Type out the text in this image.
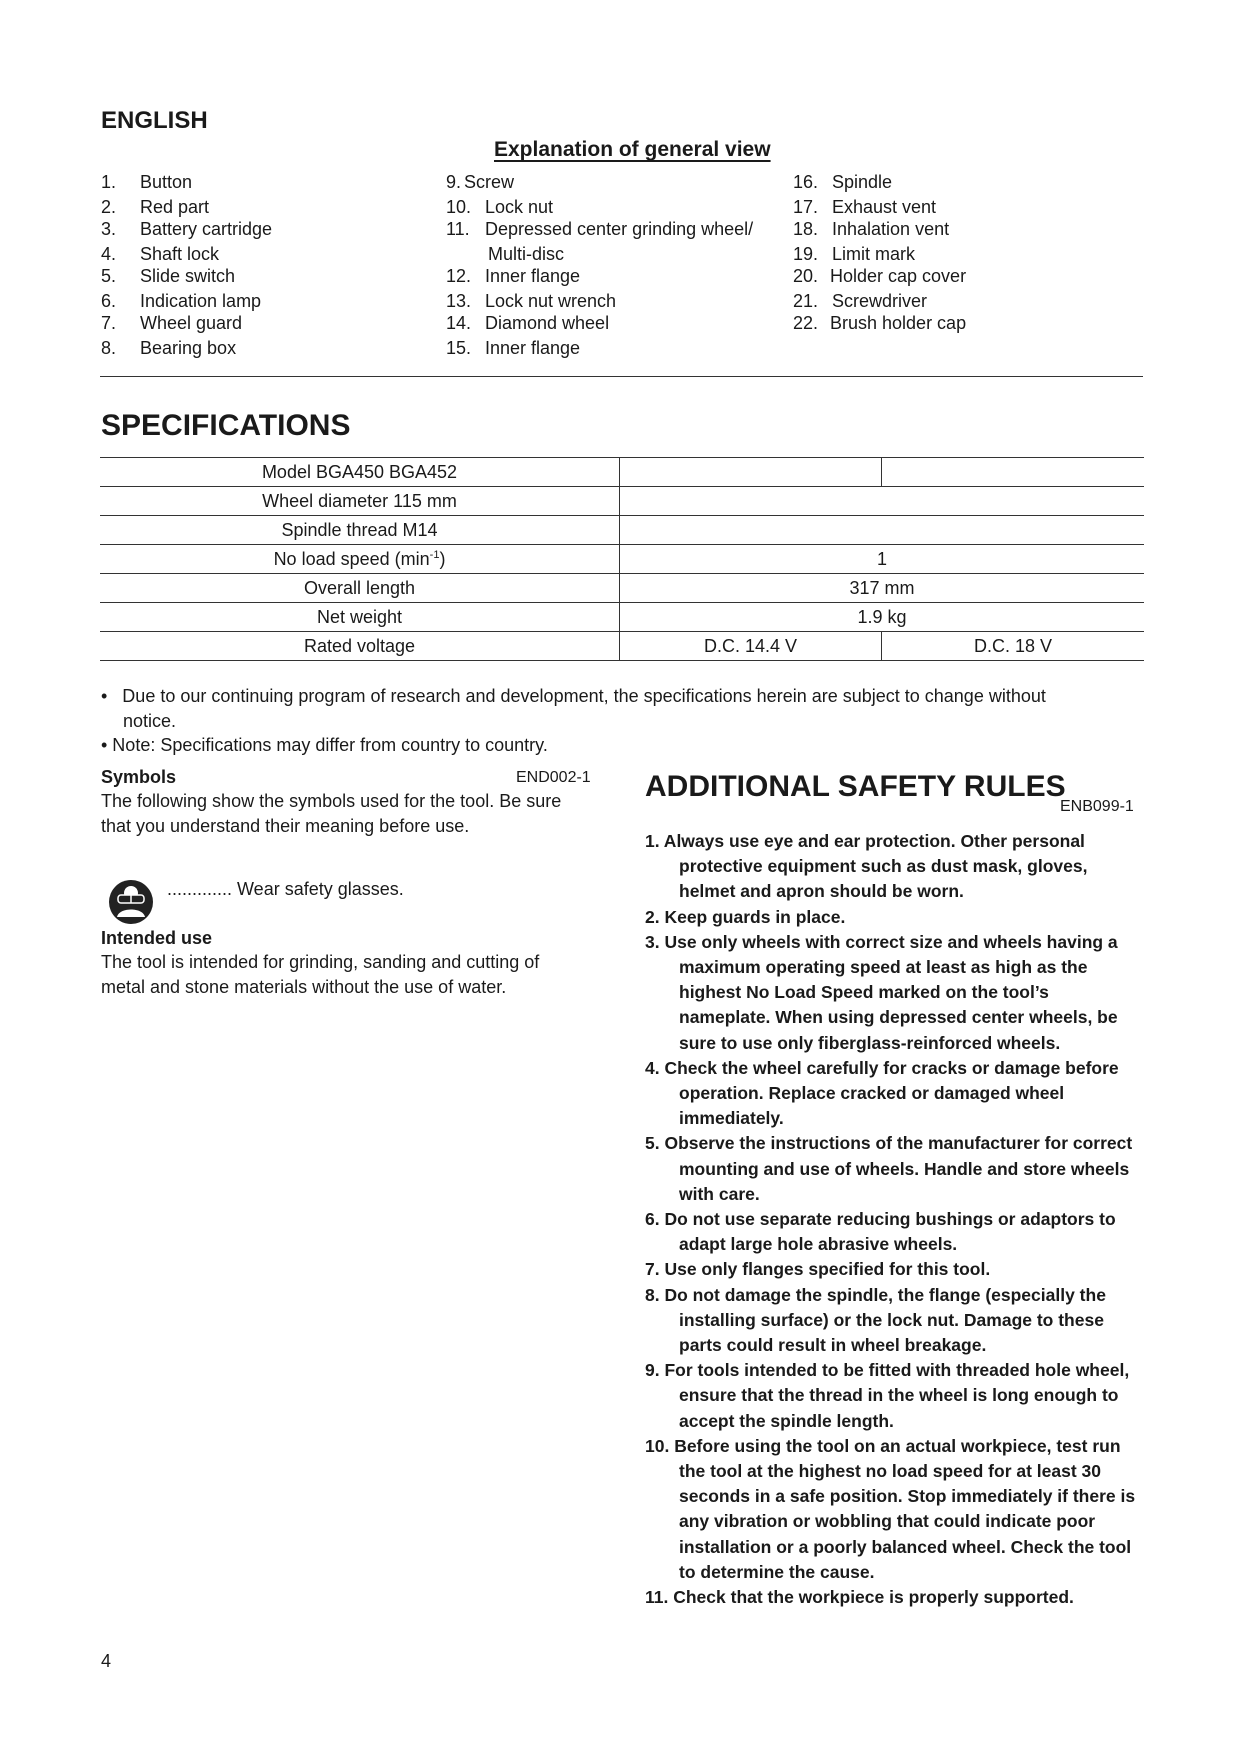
ENGLISH
Explanation of general view
1. Button
2. Red part
3. Battery cartridge
4. Shaft lock
5. Slide switch
6. Indication lamp
7. Wheel guard
8. Bearing box
9. Screw
10. Lock nut
11. Depressed center grinding wheel/
Multi-disc
12. Inner flange
13. Lock nut wrench
14. Diamond wheel
15. Inner flange
16. Spindle
17. Exhaust vent
18. Inhalation vent
19. Limit mark
20. Holder cap cover
21. Screwdriver
22. Brush holder cap
SPECIFICATIONS
Model BGA450 BGA452		
Wheel diameter 115 mm		
Spindle thread M14		
No load speed $(\min^{-1})$	1	
Overall length	317 mm	
Net weight	1.9 kg	
Rated voltage	D.C. 14.4 V	D.C. 18 V
•   Due to our continuing program of research and development, the specifications herein are subject to change without
notice.
• Note: Specifications may differ from country to country.
Symbols	END002-1
The following show the symbols used for the tool. Be sure
that you understand their meaning before use.
............. Wear safety glasses.
Intended use
The tool is intended for grinding, sanding and cutting of
metal and stone materials without the use of water.
ADDITIONAL SAFETY RULES
ENB099-1
1. Always use eye and ear protection. Other personal protective equipment such as dust mask, gloves, helmet and apron should be worn.
2. Keep guards in place.
3. Use only wheels with correct size and wheels having a maximum operating speed at least as high as the highest No Load Speed marked on the tool’s nameplate. When using depressed center wheels, be sure to use only fiberglass-reinforced wheels.
4. Check the wheel carefully for cracks or damage before operation. Replace cracked or damaged wheel immediately.
5. Observe the instructions of the manufacturer for correct mounting and use of wheels. Handle and store wheels with care.
6. Do not use separate reducing bushings or adaptors to adapt large hole abrasive wheels.
7. Use only flanges specified for this tool.
8. Do not damage the spindle, the flange (especially the installing surface) or the lock nut. Damage to these parts could result in wheel breakage.
9. For tools intended to be fitted with threaded hole wheel, ensure that the thread in the wheel is long enough to accept the spindle length.
10. Before using the tool on an actual workpiece, test run the tool at the highest no load speed for at least 30 seconds in a safe position. Stop immediately if there is any vibration or wobbling that could indicate poor installation or a poorly balanced wheel. Check the tool to determine the cause.
11. Check that the workpiece is properly supported.
4
